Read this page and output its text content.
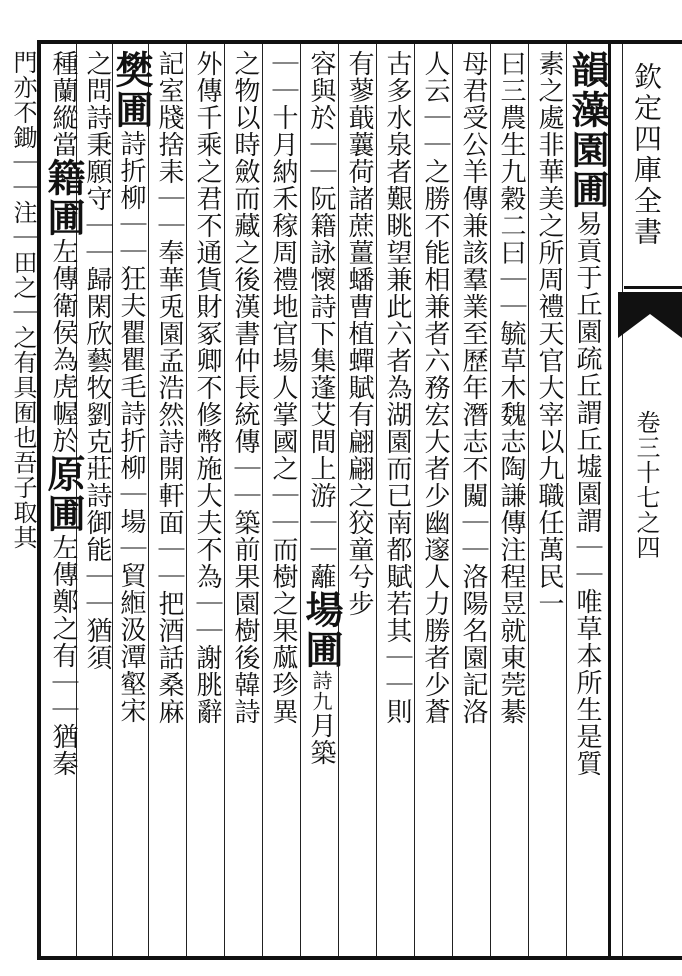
韻藻園圃易貢于丘園疏丘謂丘墟園謂｜｜唯草本所生是質
素之處非華美之所周禮天官大宰以九職任萬民一
曰三農生九穀二曰｜｜毓草木魏志陶謙傳注程昱就東莞綦
母君受公羊傳兼該羣業至歷年潛志不闚｜｜洛陽名園記洛
人云｜｜之勝不能相兼者六務宏大者少幽邃人力勝者少蒼
古多水泉者艱眺望兼此六者為湖園而已南都賦若其｜｜則
有蓼蕺蘘荷諸蔗薑蟠曹植蟬賦有翩翩之狡童兮步
容與於｜｜阮籍詠懷詩下集蓬艾間上游｜｜蘺場圃詩九月築
｜｜十月納禾稼周禮地官場人掌國之｜｜而樹之果蓏珍異
之物以時斂而藏之後漢書仲長統傳｜｜築前果園樹後韓詩
外傳千乘之君不通貨財冢卿不修幣施大夫不為｜｜謝朓辭
記室牋捨耒｜｜奉華兎園孟浩然詩開軒面｜｜把酒話桑麻
樊圃詩折柳｜｜狂夫瞿瞿毛詩折柳｜場｜貿縆汲潭壑宋
之問詩秉願守｜｜歸閑欣藝牧劉克莊詩御能｜｜猶須
種蘭縱當籍圃左傳衛侯為虎幄於原圃左傳鄭之有｜｜猶秦
門亦不鋤｜｜注｜田之｜之有具囿也吾子取其
欽定四庫全書
卷三十七之四
